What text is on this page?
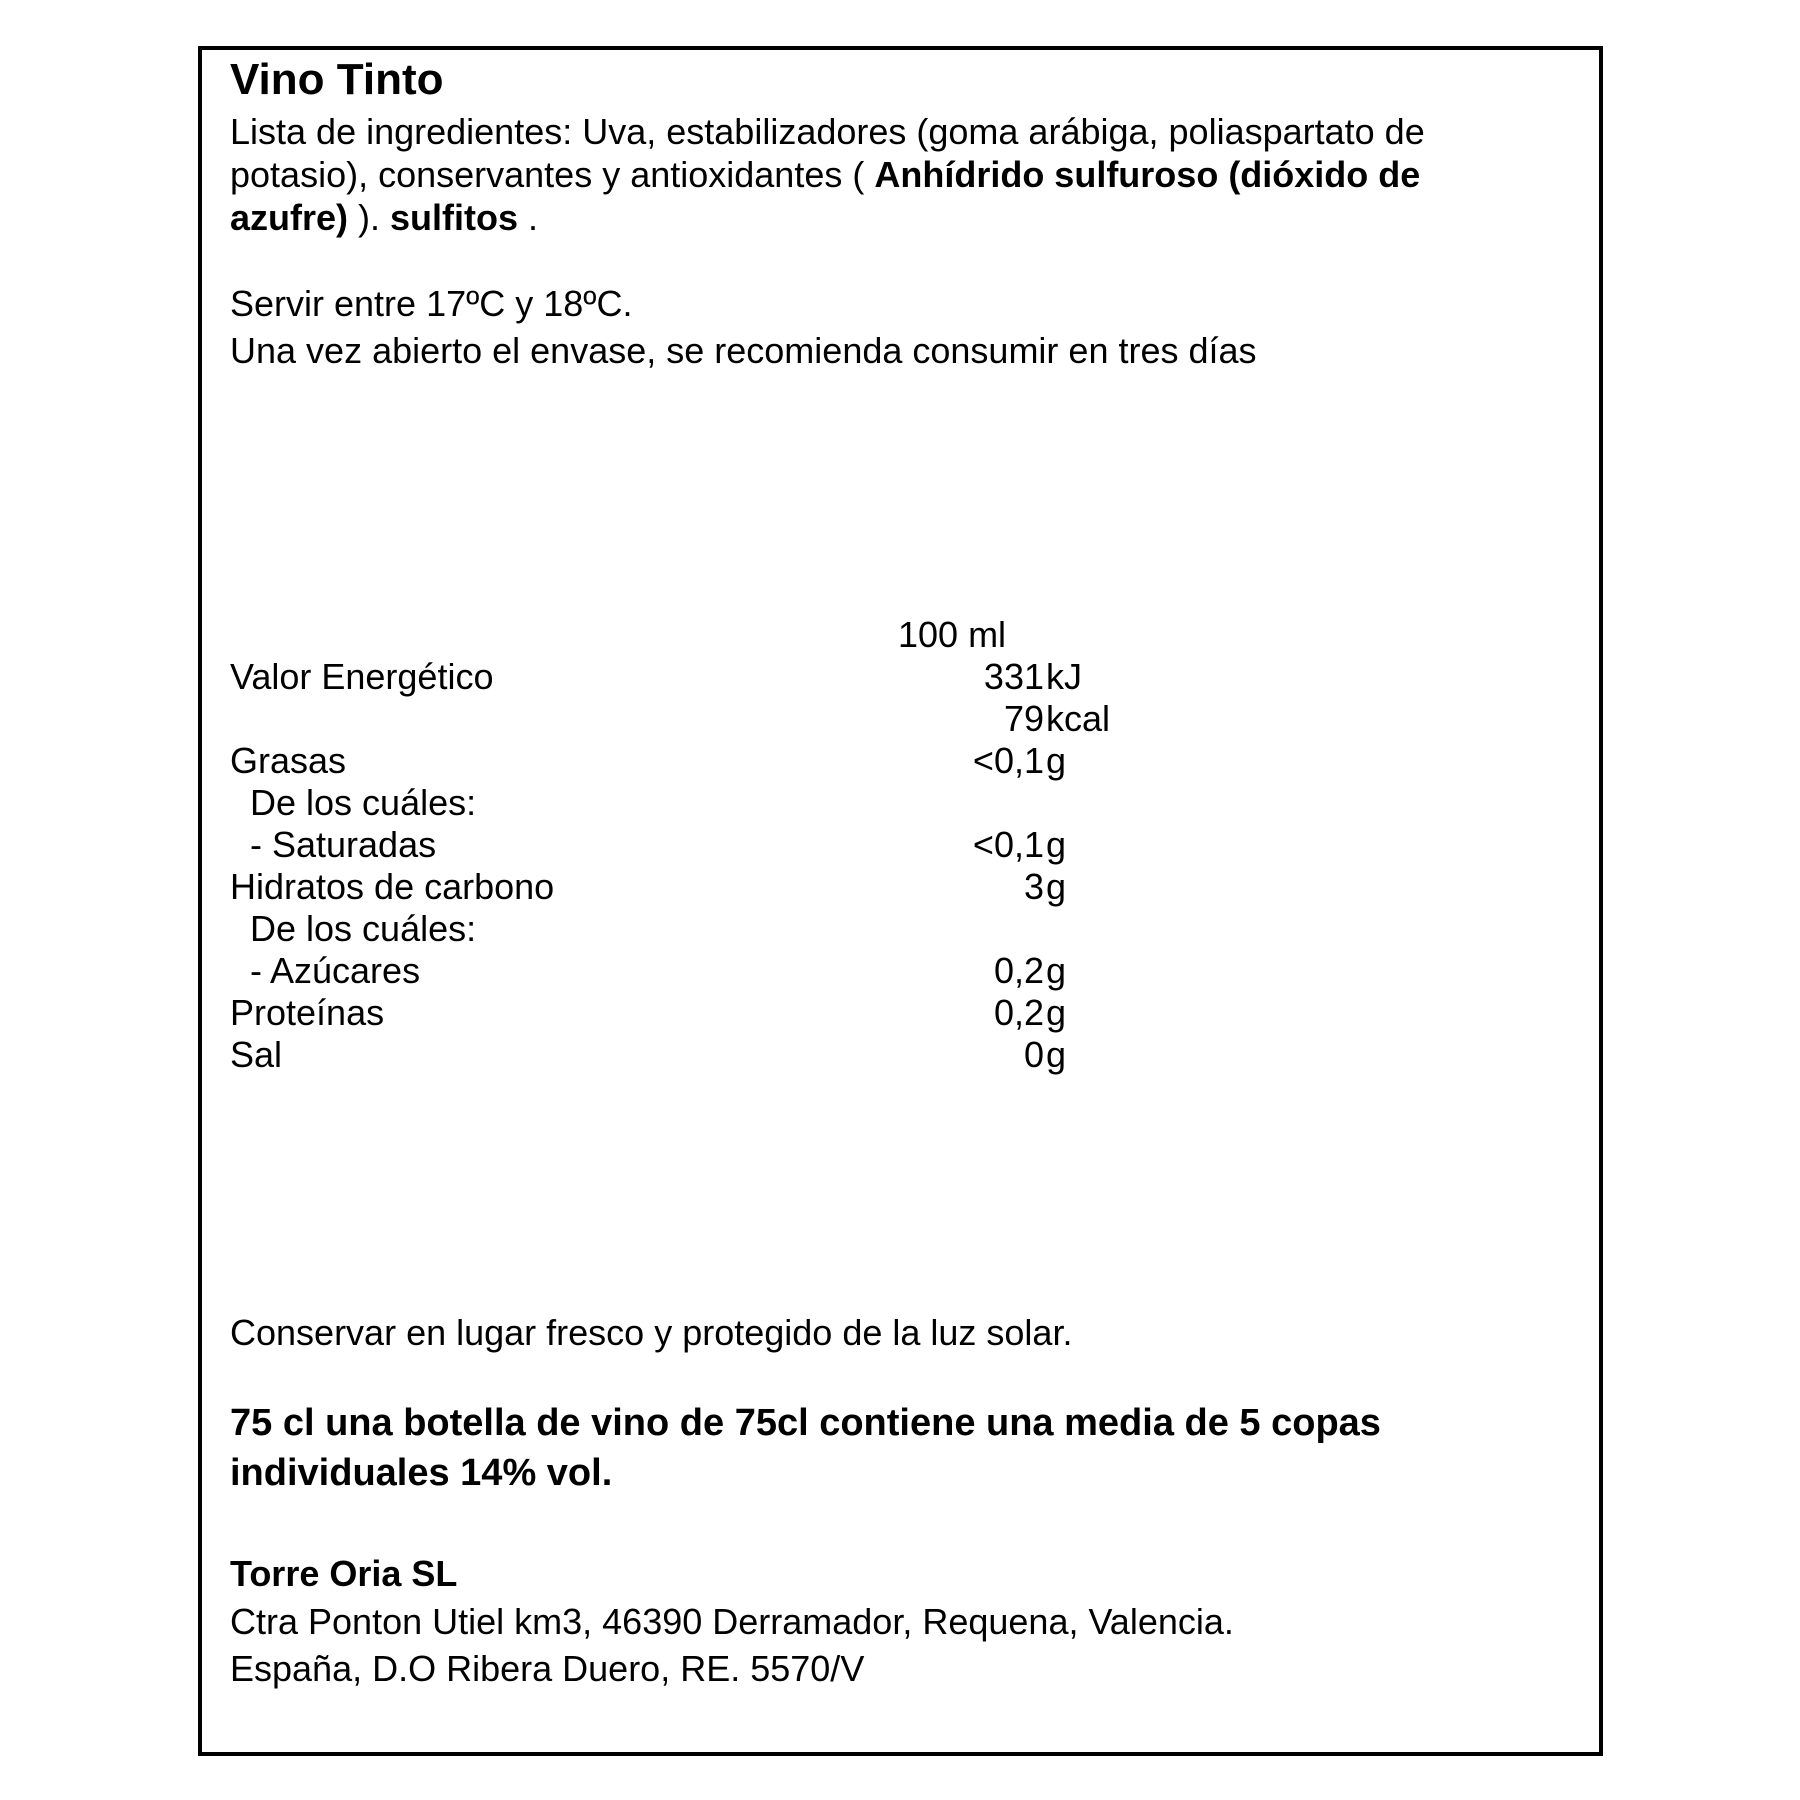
Vino Tinto

Lista de ingredientes: Uva, estabilizadores (goma arábiga, poliaspartato de potasio), conservantes y antioxidantes ( Anhídrido sulfuroso (dióxido de azufre) ). sulfitos .

Servir entre 17ºC y 18ºC.

Una vez abierto el envase, se recomienda consumir en tres días

100 ml
Valor Energético	331 kJ
79 kcal
Grasas	<0,1 g
De los cuáles:
- Saturadas	<0,1 g
Hidratos de carbono	3 g
De los cuáles:
- Azúcares	0,2 g
Proteínas	0,2 g
Sal	0 g

Conservar en lugar fresco y protegido de la luz solar.

75 cl una botella de vino de 75cl contiene una media de 5 copas individuales 14% vol.

Torre Oria SL

Ctra Ponton Utiel km3, 46390 Derramador, Requena, Valencia.

España, D.O Ribera Duero, RE. 5570/V
